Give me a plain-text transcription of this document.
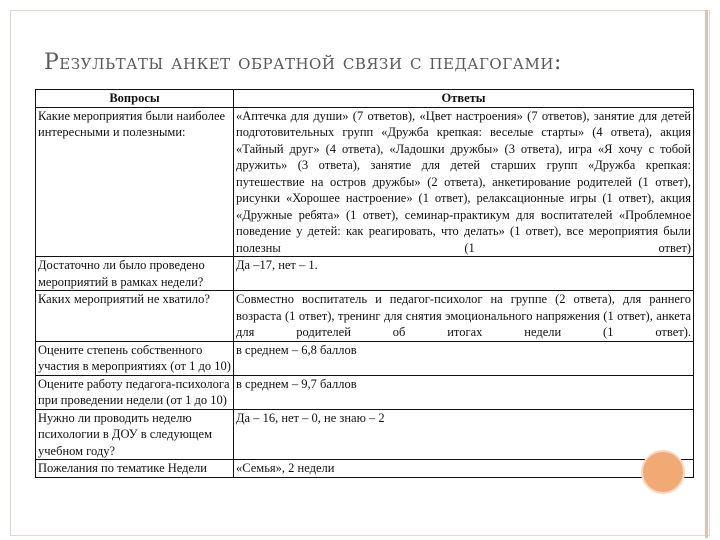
Результаты анкет обратной связи с педагогами:
Вопросы	Ответы
Какие мероприятия были наиболее интересными и полезными:	«Аптечка для души» (7 ответов), «Цвет настроения» (7 ответов), занятие для детей подготовительных групп «Дружба крепкая: веселые старты» (4 ответа), акция «Тайный друг» (4 ответа), «Ладошки дружбы» (3 ответа), игра «Я хочу с тобой дружить» (3 ответа), занятие для детей старших групп «Дружба крепкая: путешествие на остров дружбы» (2 ответа), анкетирование родителей (1 ответ), рисунки «Хорошее настроение» (1 ответ), релаксационные игры (1 ответ), акция «Дружные ребята» (1 ответ), семинар-практикум для воспитателей «Проблемное поведение у детей: как реагировать, что делать» (1 ответ), все мероприятия были полезны (1 ответ)
Достаточно ли было проведено мероприятий в рамках недели?	Да –17, нет – 1.
Каких мероприятий не хватило?	Совместно воспитатель и педагог-психолог на группе (2 ответа), для раннего возраста (1 ответ), тренинг для снятия эмоционального напряжения (1 ответ), анкета для родителей об итогах недели (1 ответ).
Оцените степень собственного участия в мероприятиях (от 1 до 10)	в среднем – 6,8 баллов
Оцените работу педагога-психолога при проведении недели (от 1 до 10)	в среднем – 9,7 баллов
Нужно ли проводить неделю психологии в ДОУ в следующем учебном году?	Да – 16, нет – 0, не знаю – 2
Пожелания по тематике Недели	«Семья», 2 недели
